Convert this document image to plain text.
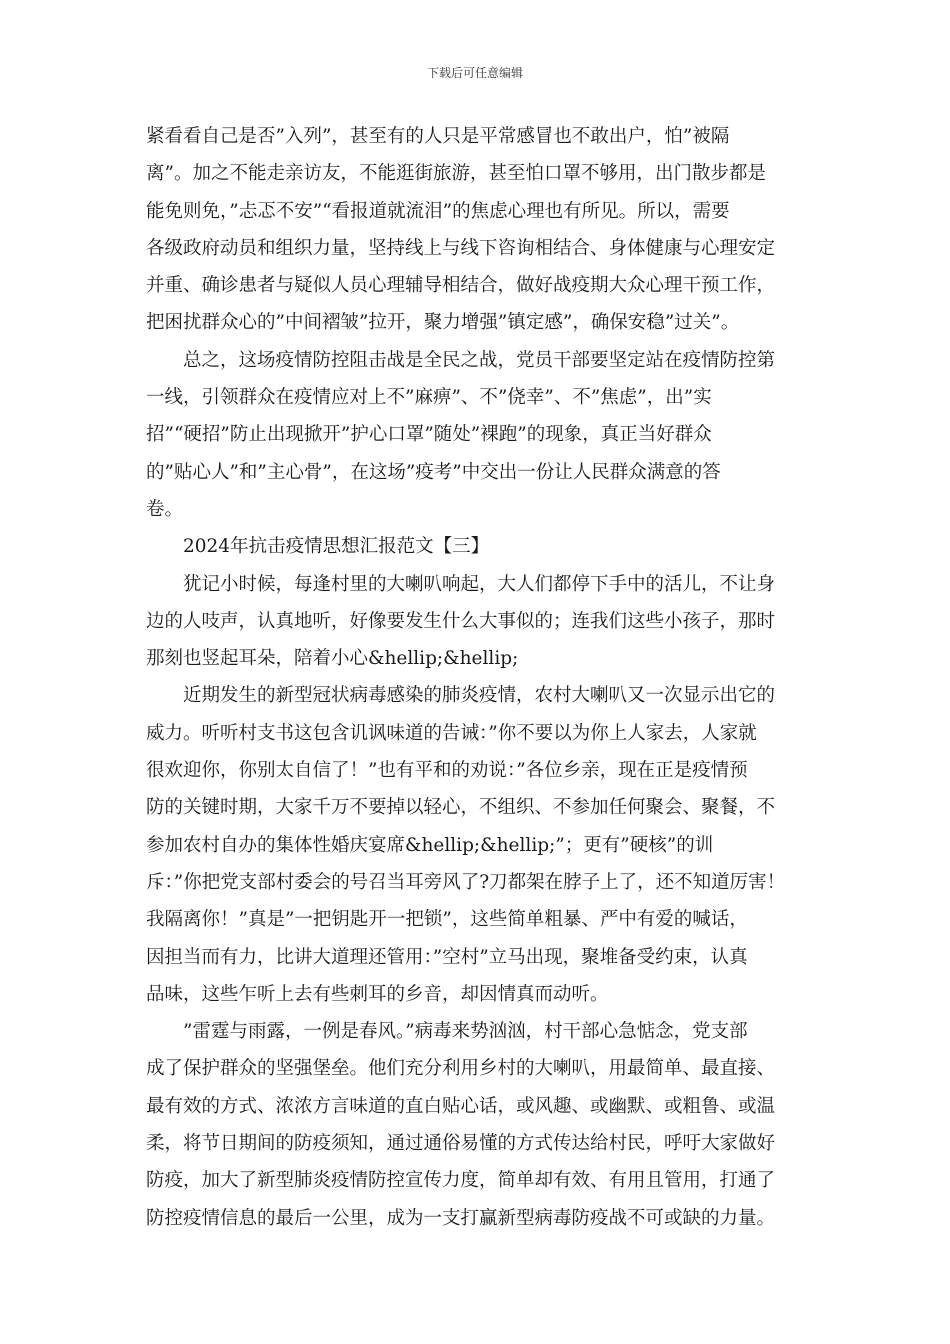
下载后可任意编辑
紧看看自己是否”入列”，甚至有的人只是平常感冒也不敢出户，怕”被隔
离”。加之不能走亲访友，不能逛街旅游，甚至怕口罩不够用，出门散步都是
能免则免，”忐忑不安”“看报道就流泪”的焦虑心理也有所见。所以，需要
各级政府动员和组织力量，坚持线上与线下咨询相结合、身体健康与心理安定
并重、确诊患者与疑似人员心理辅导相结合，做好战疫期大众心理干预工作，
把困扰群众心的”中间褶皱”拉开，聚力增强”镇定感”，确保安稳”过关”。
总之，这场疫情防控阻击战是全民之战，党员干部要坚定站在疫情防控第
一线，引领群众在疫情应对上不”麻痹”、不”侥幸”、不”焦虑”，出”实
招”“硬招”防止出现掀开”护心口罩”随处”裸跑”的现象，真正当好群众
的”贴心人”和”主心骨”，在这场”疫考”中交出一份让人民群众满意的答
卷。
2024年抗击疫情思想汇报范文【三】
犹记小时候，每逢村里的大喇叭响起，大人们都停下手中的活儿，不让身
边的人吱声，认真地听，好像要发生什么大事似的；连我们这些小孩子，那时
那刻也竖起耳朵，陪着小心&hellip;&hellip;
近期发生的新型冠状病毒感染的肺炎疫情，农村大喇叭又一次显示出它的
威力。听听村支书这包含讥讽味道的告诫：”你不要以为你上人家去，人家就
很欢迎你，你别太自信了！”也有平和的劝说：”各位乡亲，现在正是疫情预
防的关键时期，大家千万不要掉以轻心，不组织、不参加任何聚会、聚餐，不
参加农村自办的集体性婚庆宴席&hellip;&hellip;”；更有”硬核”的训
斥：”你把党支部村委会的号召当耳旁风了?刀都架在脖子上了，还不知道厉害！
我隔离你！”真是”一把钥匙开一把锁”，这些简单粗暴、严中有爱的喊话，
因担当而有力，比讲大道理还管用：”空村”立马出现，聚堆备受约束，认真
品味，这些乍听上去有些刺耳的乡音，却因情真而动听。
”雷霆与雨露，一例是春风。”病毒来势汹汹，村干部心急惦念，党支部
成了保护群众的坚强堡垒。他们充分利用乡村的大喇叭，用最简单、最直接、
最有效的方式、浓浓方言味道的直白贴心话，或风趣、或幽默、或粗鲁、或温
柔，将节日期间的防疫须知，通过通俗易懂的方式传达给村民，呼吁大家做好
防疫，加大了新型肺炎疫情防控宣传力度，简单却有效、有用且管用，打通了
防控疫情信息的最后一公里，成为一支打赢新型病毒防疫战不可或缺的力量。
